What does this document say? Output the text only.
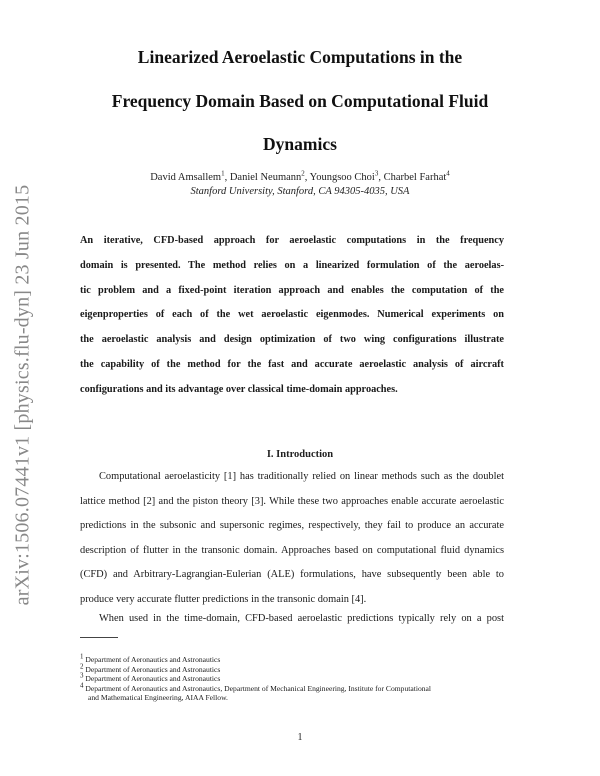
arXiv:1506.07441v1 [physics.flu-dyn] 23 Jun 2015
Linearized Aeroelastic Computations in the
Frequency Domain Based on Computational Fluid
Dynamics
David Amsallem$^1$, Daniel Neumann$^2$, Youngsoo Choi$^3$, Charbel Farhat$^4$
Stanford University, Stanford, CA 94305-4035, USA
An iterative, CFD-based approach for aeroelastic computations in the frequency
domain is presented. The method relies on a linearized formulation of the aeroelas-
tic problem and a fixed-point iteration approach and enables the computation of the
eigenproperties of each of the wet aeroelastic eigenmodes. Numerical experiments on
the aeroelastic analysis and design optimization of two wing configurations illustrate
the capability of the method for the fast and accurate aeroelastic analysis of aircraft
configurations and its advantage over classical time-domain approaches.
I. Introduction
Computational aeroelasticity [1] has traditionally relied on linear methods such as the doublet
lattice method [2] and the piston theory [3]. While these two approaches enable accurate aeroelastic
predictions in the subsonic and supersonic regimes, respectively, they fail to produce an accurate
description of flutter in the transonic domain. Approaches based on computational fluid dynamics
(CFD) and Arbitrary-Lagrangian-Eulerian (ALE) formulations, have subsequently been able to
produce very accurate flutter predictions in the transonic domain [4].
When used in the time-domain, CFD-based aeroelastic predictions typically rely on a post
$^1$ Department of Aeronautics and Astronautics
$^2$ Department of Aeronautics and Astronautics
$^3$ Department of Aeronautics and Astronautics
$^4$ Department of Aeronautics and Astronautics, Department of Mechanical Engineering, Institute for Computational
and Mathematical Engineering, AIAA Fellow.
1
